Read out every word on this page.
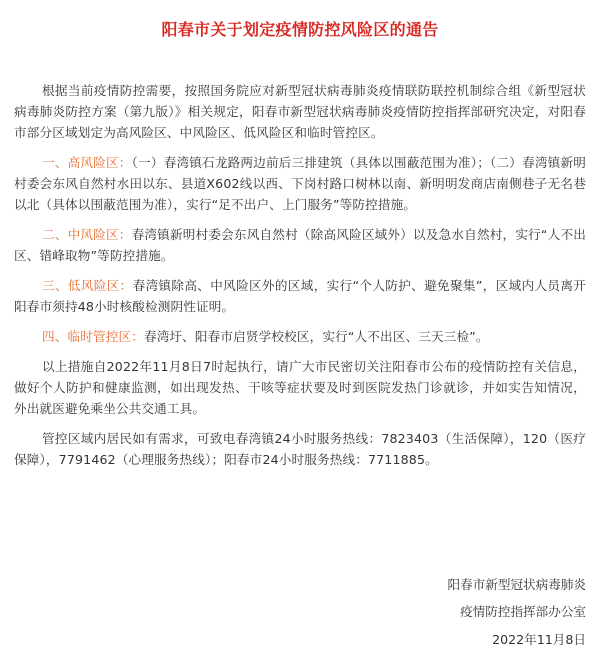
阳春市关于划定疫情防控风险区的通告

根据当前疫情防控需要，按照国务院应对新型冠状病毒肺炎疫情联防联控机制综合组《新型冠状病毒肺炎防控方案（第九版）》相关规定，阳春市新型冠状病毒肺炎疫情防控指挥部研究决定，对阳春市部分区域划定为高风险区、中风险区、低风险区和临时管控区。

一、高风险区：（一）春湾镇石龙路两边前后三排建筑（具体以围蔽范围为准）；（二）春湾镇新明村委会东风自然村水田以东、县道X602线以西、下岗村路口树林以南、新明明发商店南侧巷子无名巷以北（具体以围蔽范围为准），实行“足不出户、上门服务”等防控措施。

二、中风险区：春湾镇新明村委会东风自然村（除高风险区域外）以及急水自然村，实行“人不出区、错峰取物”等防控措施。

三、低风险区：春湾镇除高、中风险区外的区域，实行“个人防护、避免聚集”，区域内人员离开阳春市须持48小时核酸检测阴性证明。

四、临时管控区：春湾圩、阳春市启贤学校校区，实行“人不出区、三天三检”。

以上措施自2022年11月8日7时起执行，请广大市民密切关注阳春市公布的疫情防控有关信息，做好个人防护和健康监测，如出现发热、干咳等症状要及时到医院发热门诊就诊，并如实告知情况，外出就医避免乘坐公共交通工具。

管控区域内居民如有需求，可致电春湾镇24小时服务热线：7823403（生活保障），120（医疗保障），7791462（心理服务热线）；阳春市24小时服务热线：7711885。

阳春市新型冠状病毒肺炎
疫情防控指挥部办公室
2022年11月8日
